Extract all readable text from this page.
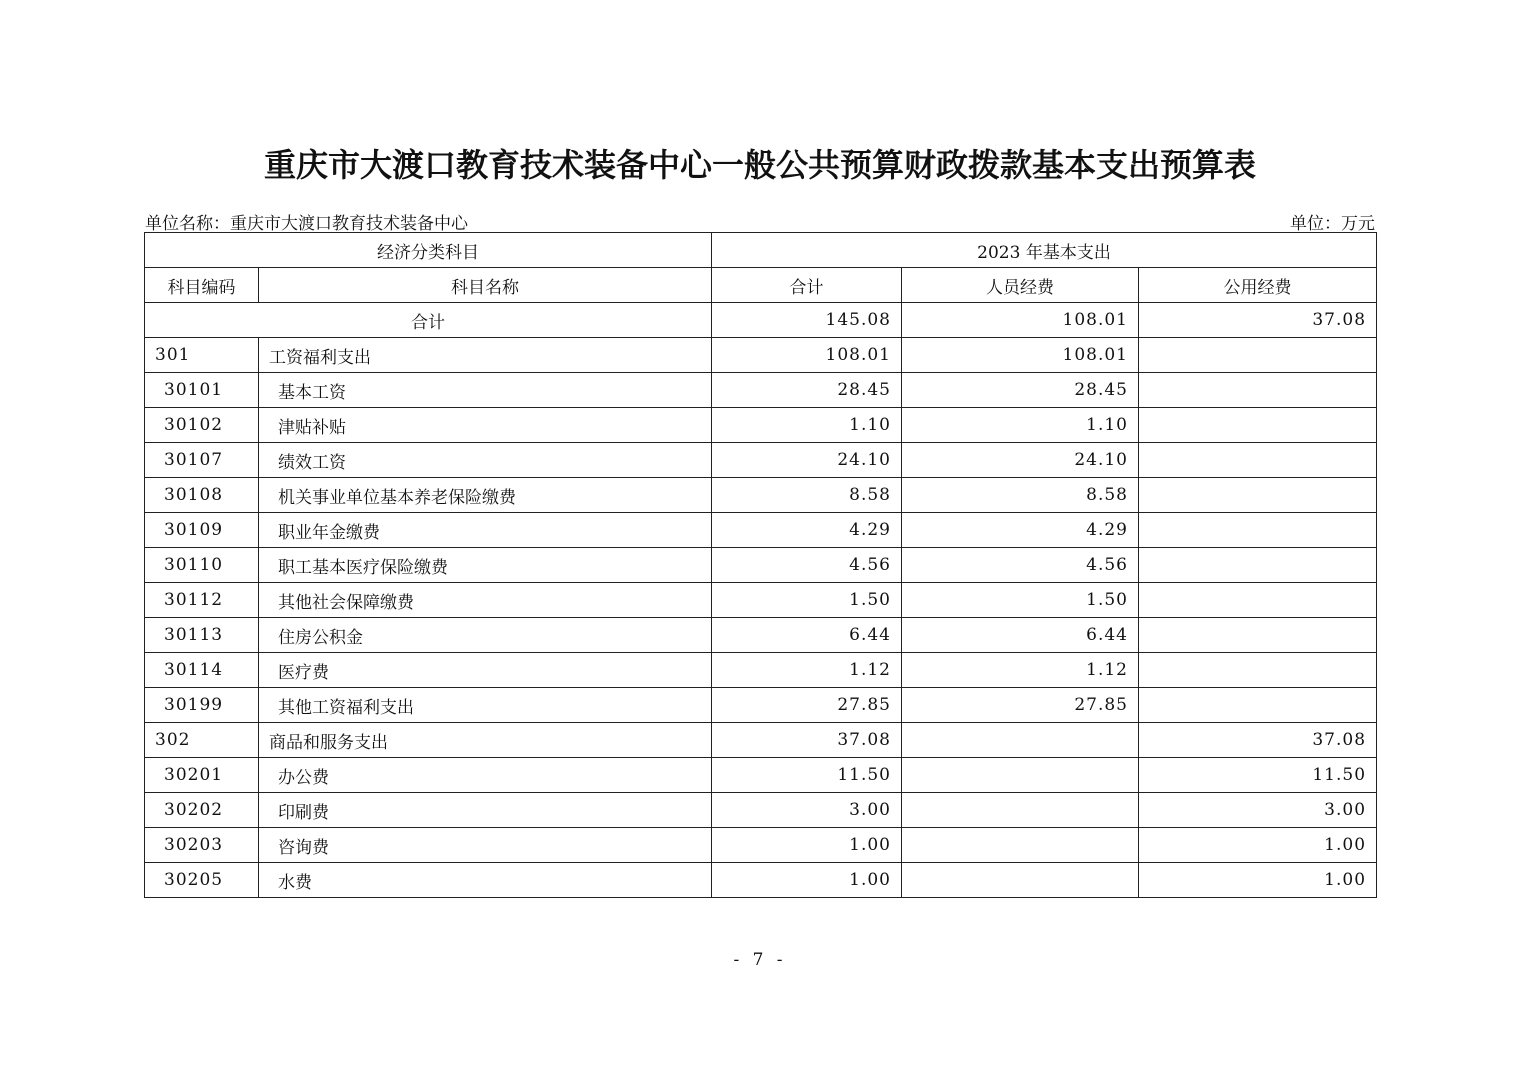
重庆市大渡口教育技术装备中心一般公共预算财政拨款基本支出预算表
单位名称：重庆市大渡口教育技术装备中心	单位：万元
经济分类科目		2023 年基本支出		
科目编码	科目名称	合计	人员经费	公用经费
合计		145.08	108.01	37.08
301	工资福利支出	108.01	108.01	
30101	基本工资	28.45	28.45	
30102	津贴补贴	1.10	1.10	
30107	绩效工资	24.10	24.10	
30108	机关事业单位基本养老保险缴费	8.58	8.58	
30109	职业年金缴费	4.29	4.29	
30110	职工基本医疗保险缴费	4.56	4.56	
30112	其他社会保障缴费	1.50	1.50	
30113	住房公积金	6.44	6.44	
30114	医疗费	1.12	1.12	
30199	其他工资福利支出	27.85	27.85	
302	商品和服务支出	37.08		37.08
30201	办公费	11.50		11.50
30202	印刷费	3.00		3.00
30203	咨询费	1.00		1.00
30205	水费	1.00		1.00
- 7 -
